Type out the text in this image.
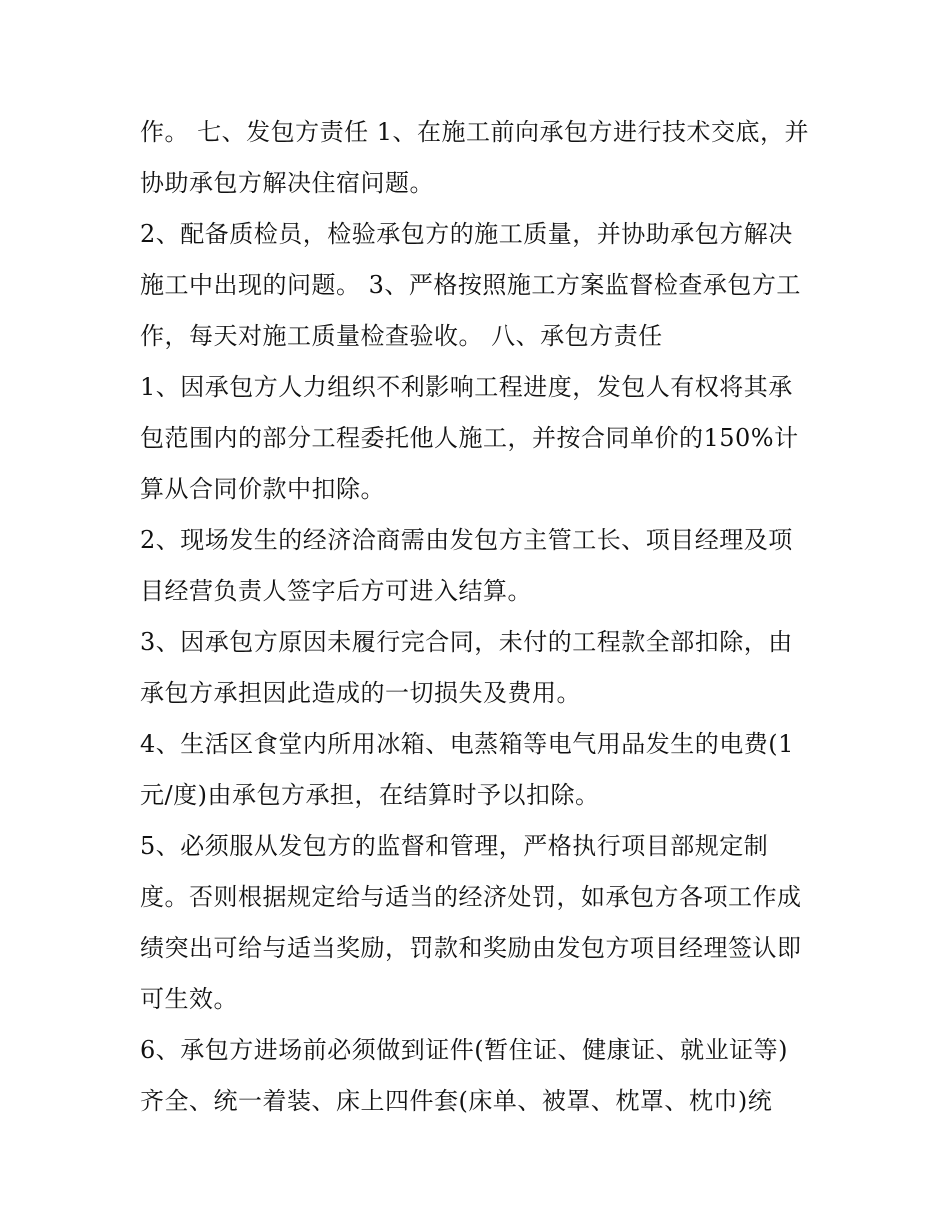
作。 七、发包方责任 1、在施工前向承包方进行技术交底，并

协助承包方解决住宿问题。

2、配备质检员，检验承包方的施工质量，并协助承包方解决

施工中出现的问题。 3、严格按照施工方案监督检查承包方工

作，每天对施工质量检查验收。 八、承包方责任

1、因承包方人力组织不利影响工程进度，发包人有权将其承

包范围内的部分工程委托他人施工，并按合同单价的150%计

算从合同价款中扣除。

2、现场发生的经济洽商需由发包方主管工长、项目经理及项

目经营负责人签字后方可进入结算。

3、因承包方原因未履行完合同，未付的工程款全部扣除，由

承包方承担因此造成的一切损失及费用。

4、生活区食堂内所用冰箱、电蒸箱等电气用品发生的电费(1

元/度)由承包方承担，在结算时予以扣除。

5、必须服从发包方的监督和管理，严格执行项目部规定制

度。否则根据规定给与适当的经济处罚，如承包方各项工作成

绩突出可给与适当奖励，罚款和奖励由发包方项目经理签认即

可生效。

6、承包方进场前必须做到证件(暂住证、健康证、就业证等)

齐全、统一着装、床上四件套(床单、被罩、枕罩、枕巾)统
